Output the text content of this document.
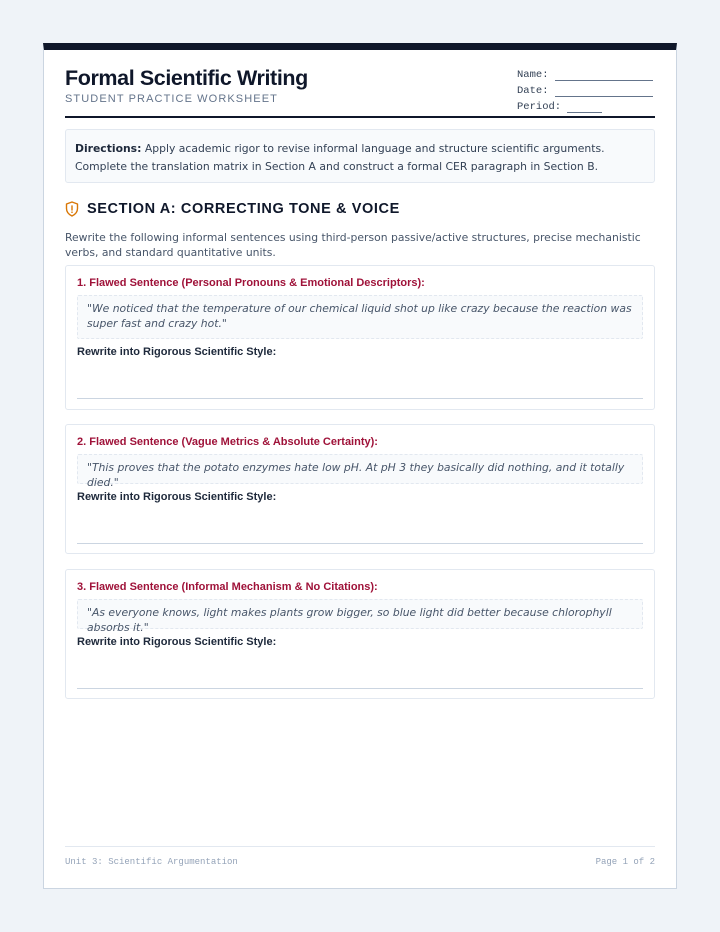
Formal Scientific Writing
STUDENT PRACTICE WORKSHEET
Name:
Date:
Period:
Directions: Apply academic rigor to revise informal language and structure scientific arguments. Complete the translation matrix in Section A and construct a formal CER paragraph in Section B.
SECTION A: CORRECTING TONE & VOICE
Rewrite the following informal sentences using third-person passive/active structures, precise mechanistic verbs, and standard quantitative units.
1. Flawed Sentence (Personal Pronouns & Emotional Descriptors):
"We noticed that the temperature of our chemical liquid shot up like crazy because the reaction was super fast and crazy hot."
Rewrite into Rigorous Scientific Style:
2. Flawed Sentence (Vague Metrics & Absolute Certainty):
"This proves that the potato enzymes hate low pH. At pH 3 they basically did nothing, and it totally died."
Rewrite into Rigorous Scientific Style:
3. Flawed Sentence (Informal Mechanism & No Citations):
"As everyone knows, light makes plants grow bigger, so blue light did better because chlorophyll absorbs it."
Rewrite into Rigorous Scientific Style:
Unit 3: Scientific Argumentation	Page 1 of 2
